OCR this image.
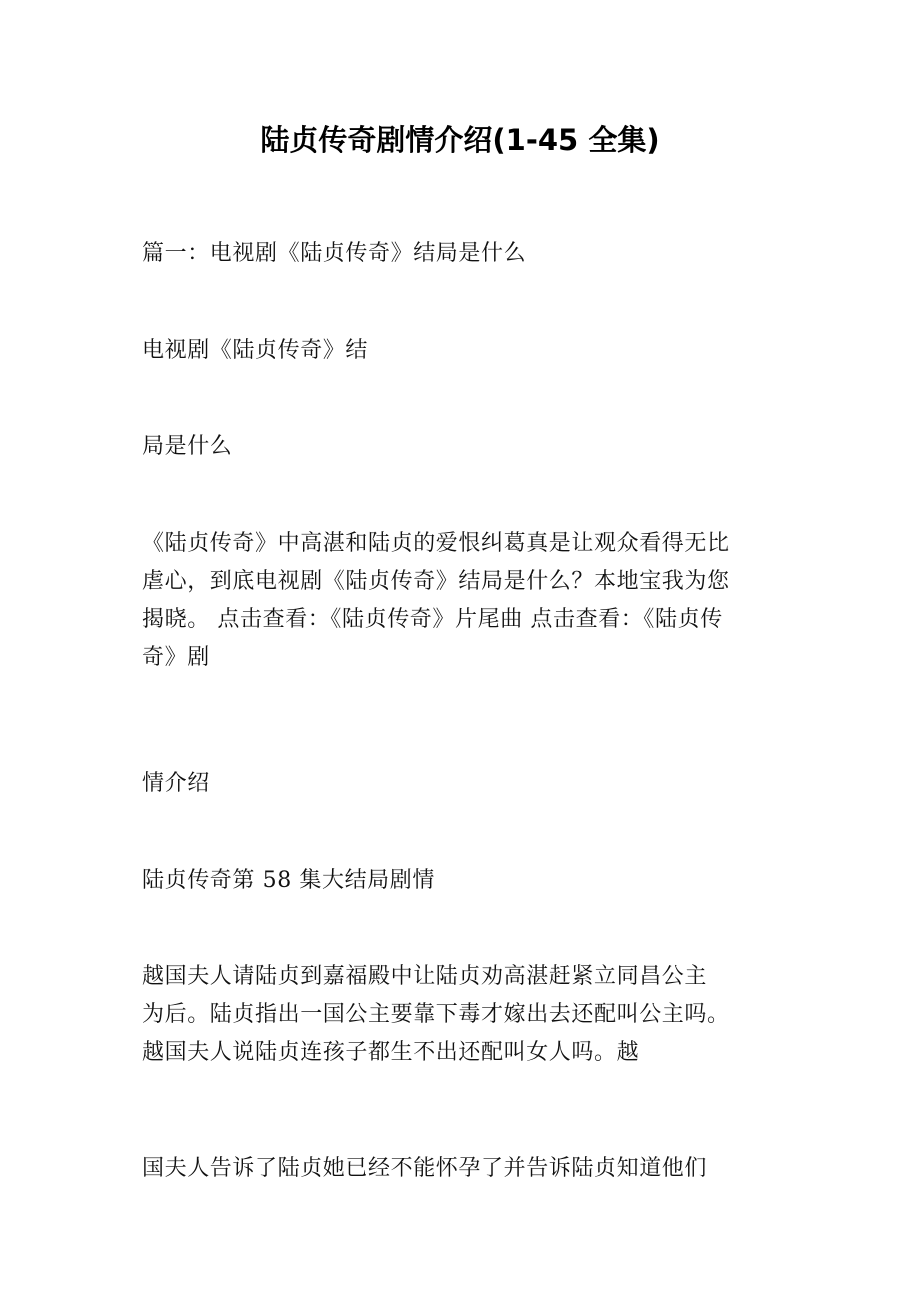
陆贞传奇剧情介绍(1-45 全集)

篇一：电视剧《陆贞传奇》结局是什么

电视剧《陆贞传奇》结

局是什么

《陆贞传奇》中高湛和陆贞的爱恨纠葛真是让观众看得无比
虐心，到底电视剧《陆贞传奇》结局是什么？本地宝我为您
揭晓。 点击查看：《陆贞传奇》片尾曲 点击查看：《陆贞传
奇》剧

情介绍

陆贞传奇第 58 集大结局剧情

越国夫人请陆贞到嘉福殿中让陆贞劝高湛赶紧立同昌公主
为后。陆贞指出一国公主要靠下毒才嫁出去还配叫公主吗。
越国夫人说陆贞连孩子都生不出还配叫女人吗。越

国夫人告诉了陆贞她已经不能怀孕了并告诉陆贞知道他们
